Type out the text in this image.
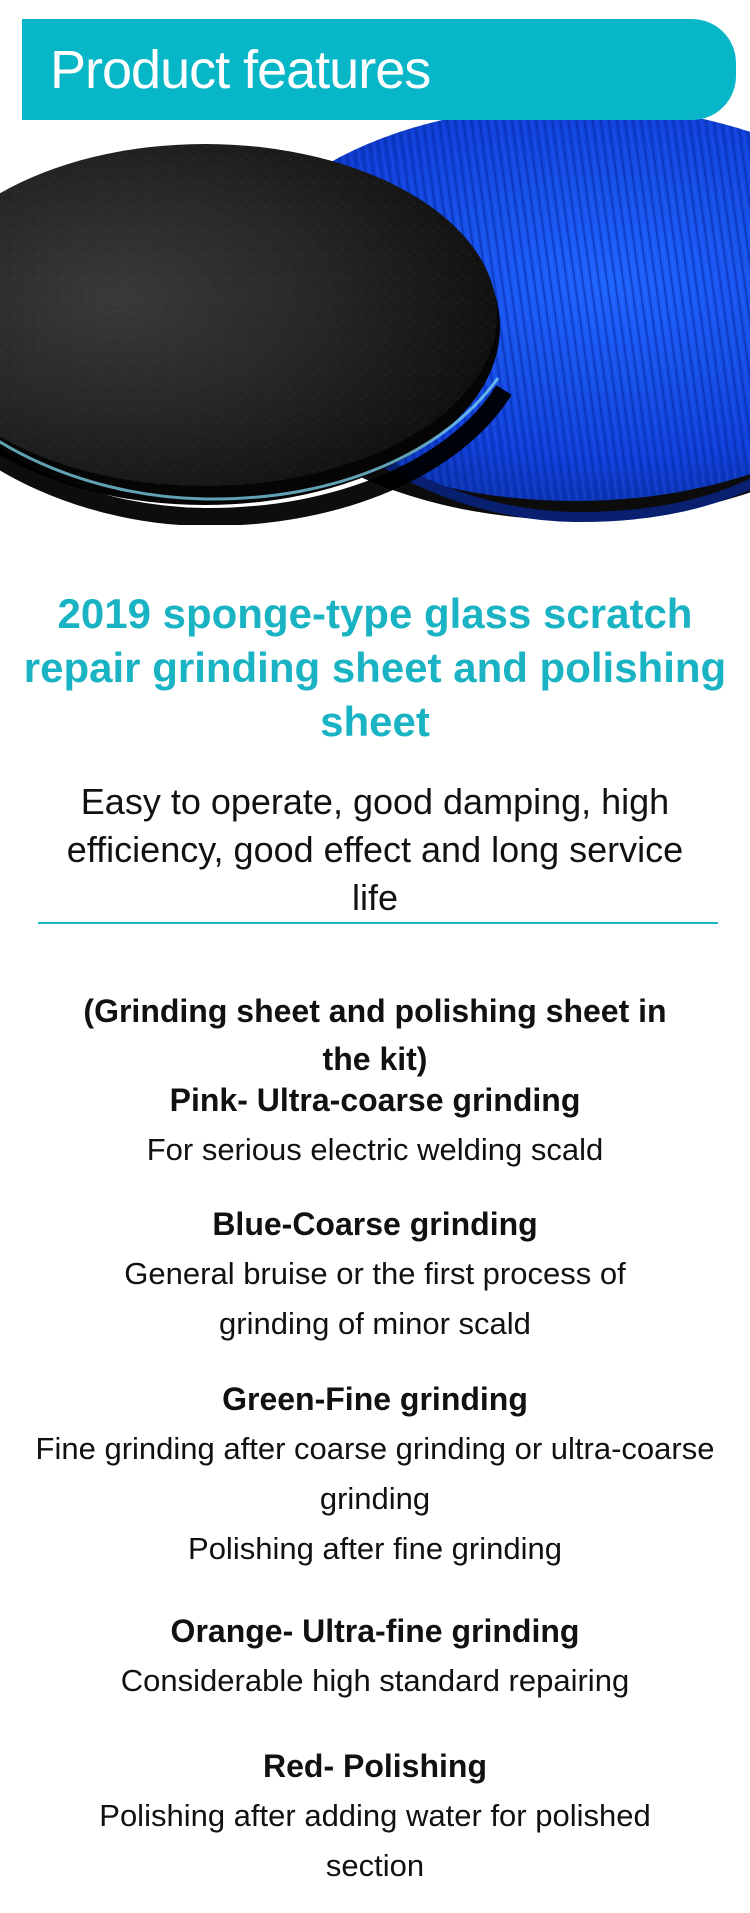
Product features
2019 sponge-type glass scratch repair grinding sheet and polishing sheet

Easy to operate, good damping, high efficiency, good effect and long service life

(Grinding sheet and polishing sheet in the kit)

Pink- Ultra-coarse grinding
For serious electric welding scald
Blue-Coarse grinding
General bruise or the first process of grinding of minor scald
Green-Fine grinding
Fine grinding after coarse grinding or ultra-coarse grinding
Polishing after fine grinding
Orange- Ultra-fine grinding
Considerable high standard repairing
Red- Polishing
Polishing after adding water for polished section
